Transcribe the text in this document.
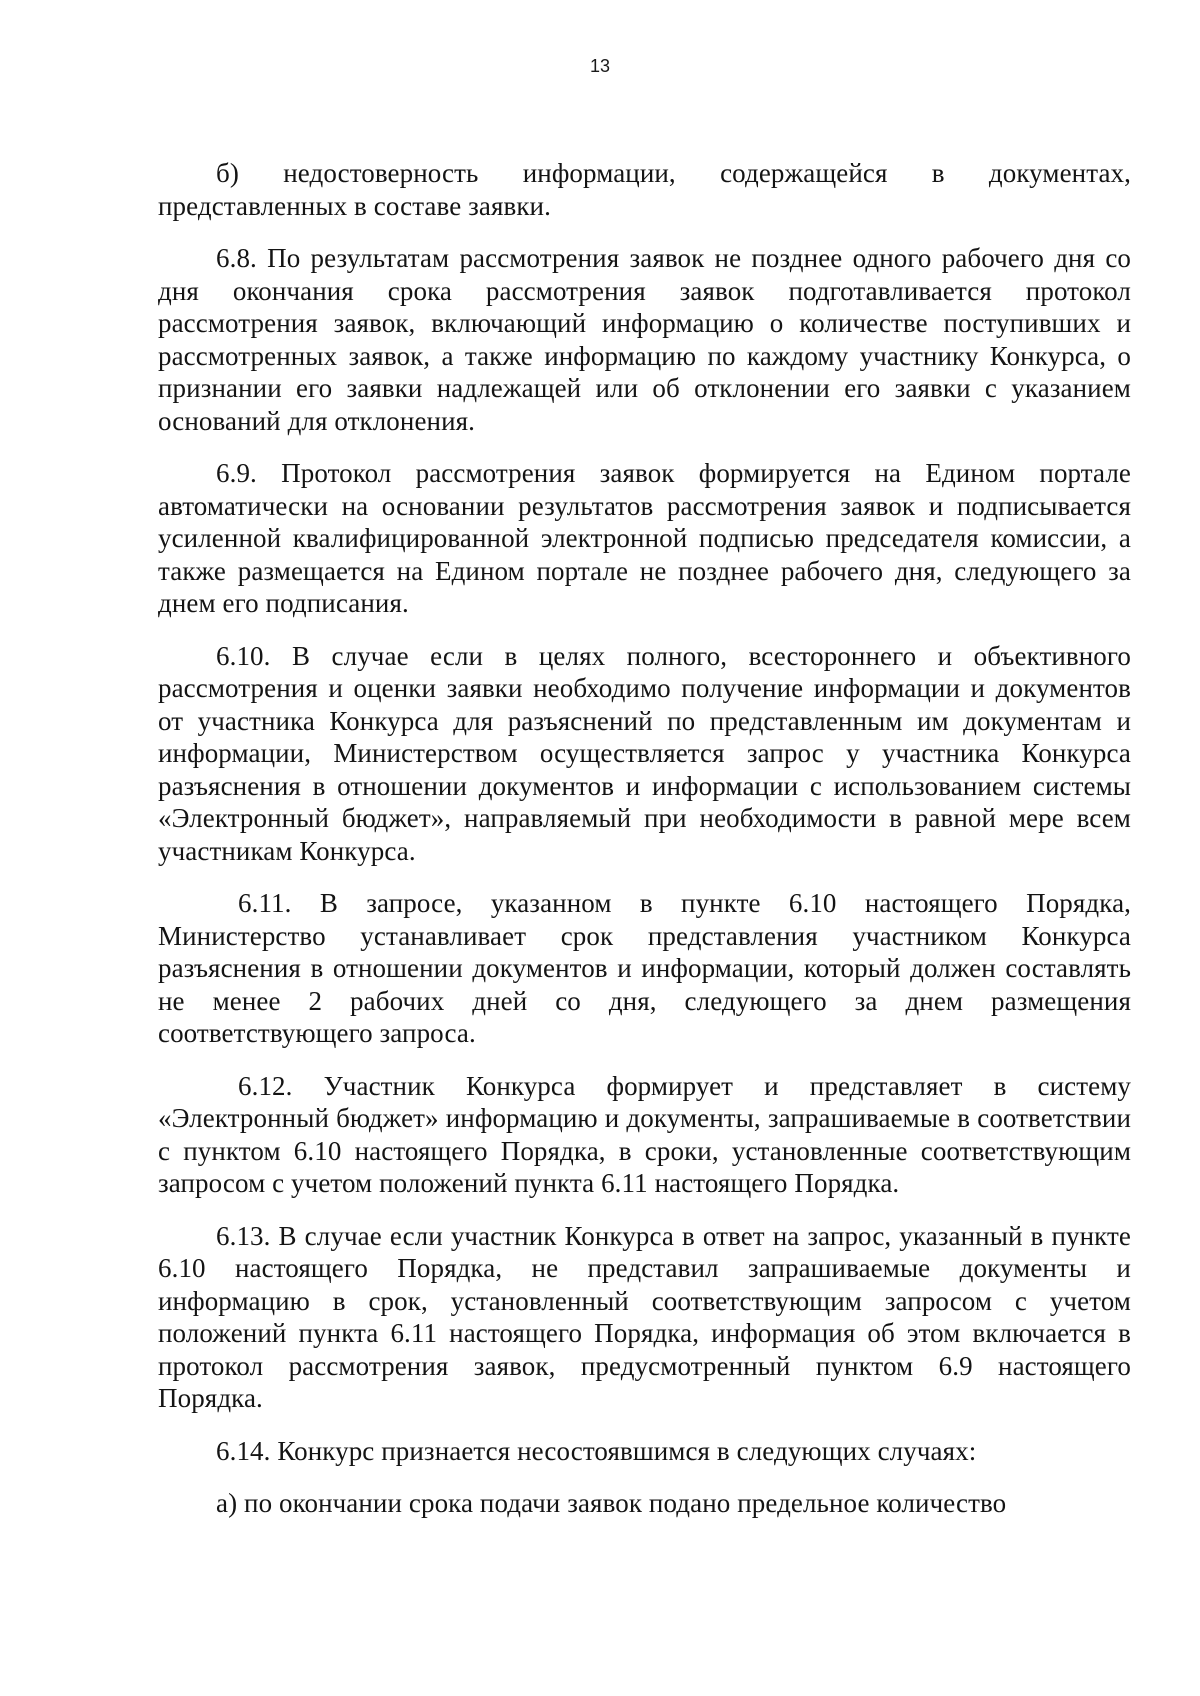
13

б) недостоверность информации, содержащейся в документах, представленных в составе заявки.

6.8. По результатам рассмотрения заявок не позднее одного рабочего дня со дня окончания срока рассмотрения заявок подготавливается протокол рассмотрения заявок, включающий информацию о количестве поступивших и рассмотренных заявок, а также информацию по каждому участнику Конкурса, о признании его заявки надлежащей или об отклонении его заявки с указанием оснований для отклонения.

6.9. Протокол рассмотрения заявок формируется на Едином портале автоматически на основании результатов рассмотрения заявок и подписывается усиленной квалифицированной электронной подписью председателя комиссии, а также размещается на Едином портале не позднее рабочего дня, следующего за днем его подписания.

6.10. В случае если в целях полного, всестороннего и объективного рассмотрения и оценки заявки необходимо получение информации и документов от участника Конкурса для разъяснений по представленным им документам и информации, Министерством осуществляется запрос у участника Конкурса разъяснения в отношении документов и информации с использованием системы «Электронный бюджет», направляемый при необходимости в равной мере всем участникам Конкурса.

6.11. В запросе, указанном в пункте 6.10 настоящего Порядка, Министерство устанавливает срок представления участником Конкурса разъяснения в отношении документов и информации, который должен составлять не менее 2 рабочих дней со дня, следующего за днем размещения соответствующего запроса.

6.12. Участник Конкурса формирует и представляет в систему «Электронный бюджет» информацию и документы, запрашиваемые в соответствии с пунктом 6.10 настоящего Порядка, в сроки, установленные соответствующим запросом с учетом положений пункта 6.11 настоящего Порядка.

6.13. В случае если участник Конкурса в ответ на запрос, указанный в пункте 6.10 настоящего Порядка, не представил запрашиваемые документы и информацию в срок, установленный соответствующим запросом с учетом положений пункта 6.11 настоящего Порядка, информация об этом включается в протокол рассмотрения заявок, предусмотренный пунктом 6.9 настоящего Порядка.

6.14. Конкурс признается несостоявшимся в следующих случаях:

а) по окончании срока подачи заявок подано предельное количество
